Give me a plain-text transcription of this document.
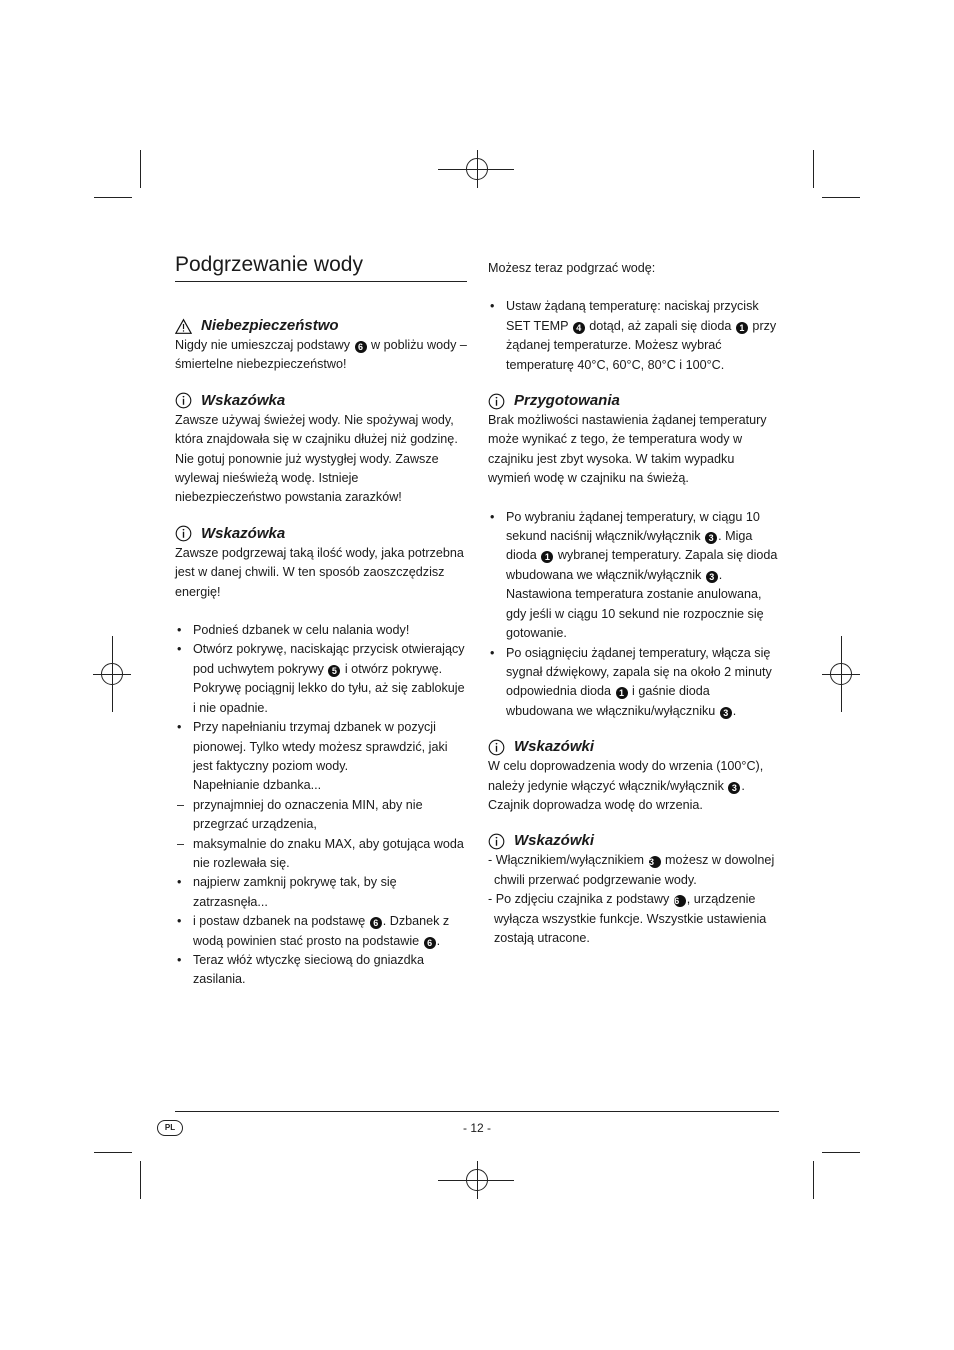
Podgrzewanie wody
Niebezpieczeństwo

Nigdy nie umieszczaj podstawy 6 w pobliżu wody – śmiertelne niebezpieczeństwo!

Wskazówka

Zawsze używaj świeżej wody. Nie spożywaj wody, która znajdowała się w czajniku dłużej niż godzinę. Nie gotuj ponownie już wystygłej wody. Zawsze wylewaj nieświeżą wodę. Istnieje niebezpieczeństwo powstania zarazków!

Wskazówka

Zawsze podgrzewaj taką ilość wody, jaka potrzebna jest w danej chwili. W ten sposób zaoszczędzisz energię!

• Podnieś dzbanek w celu nalania wody!
• Otwórz pokrywę, naciskając przycisk otwierający pod uchwytem pokrywy 5 i otwórz pokrywę. Pokrywę pociągnij lekko do tyłu, aż się zablokuje i nie opadnie.
• Przy napełnianiu trzymaj dzbanek w pozycji pionowej. Tylko wtedy możesz sprawdzić, jaki jest faktyczny poziom wody.
Napełnianie dzbanka...
– przynajmniej do oznaczenia MIN, aby nie przegrzać urządzenia,
– maksymalnie do znaku MAX, aby gotująca woda nie rozlewała się.
• najpierw zamknij pokrywę tak, by się zatrzasnęła...
• i postaw dzbanek na podstawę 6 . Dzbanek z wodą powinien stać prosto na podstawie 6 .
• Teraz włóż wtyczkę sieciową do gniazdka zasilania.

Możesz teraz podgrzać wodę:

• Ustaw żądaną temperaturę: naciskaj przycisk SET TEMP 4 dotąd, aż zapali się dioda 1 przy żądanej temperaturze. Możesz wybrać temperaturę 40°C, 60°C, 80°C i 100°C.
Przygotowania

Brak możliwości nastawienia żądanej temperatury może wynikać z tego, że temperatura wody w czajniku jest zbyt wysoka. W takim wypadku wymień wodę w czajniku na świeżą.

• Po wybraniu żądanej temperatury, w ciągu 10 sekund naciśnij włącznik/wyłącznik 3 . Miga dioda 1 wybranej temperatury. Zapala się dioda wbudowana we włącznik/wyłącznik 3 . Nastawiona temperatura zostanie anulowana, gdy jeśli w ciągu 10 sekund nie rozpocznie się gotowanie.
• Po osiągnięciu żądanej temperatury, włącza się sygnał dźwiękowy, zapala się na około 2 minuty odpowiednia dioda 1 i gaśnie dioda wbudowana we włączniku/wyłączniku 3 .
Wskazówki

W celu doprowadzenia wody do wrzenia (100°C), należy jedynie włączyć włącznik/wyłącznik 3 . Czajnik doprowadza wodę do wrzenia.

Wskazówki
- Włącznikiem/wyłącznikiem 3 możesz w dowolnej chwili przerwać podgrzewanie wody.
- Po zdjęciu czajnika z podstawy 6 , urządzenie wyłącza wszystkie funkcje. Wszystkie ustawienia zostają utracone.
PL	- 12 -
